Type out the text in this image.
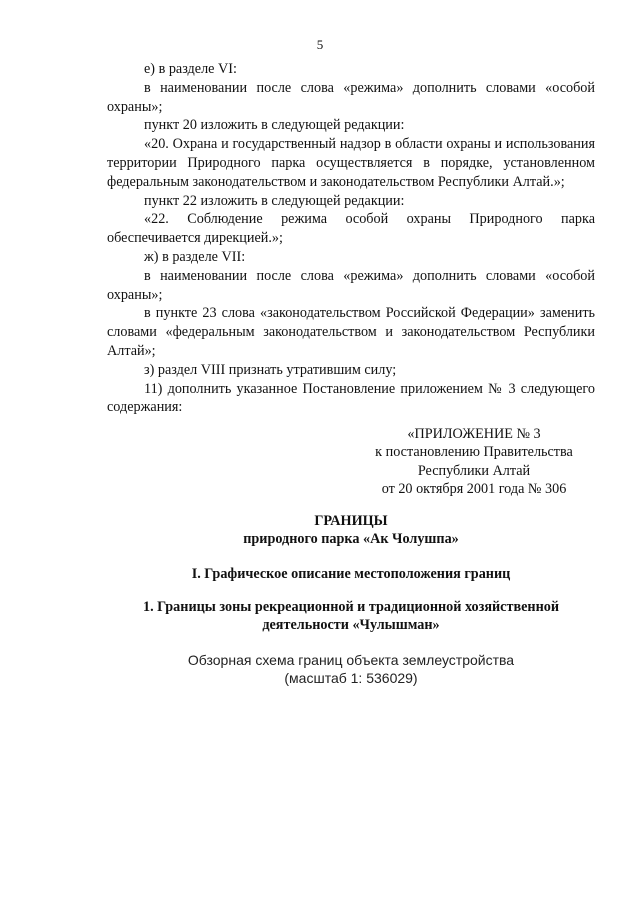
5

е) в разделе VI:

в наименовании после слова «режима» дополнить словами «особой охраны»;

пункт 20 изложить в следующей редакции:

«20. Охрана и государственный надзор в области охраны и использования территории Природного парка осуществляется в порядке, установленном федеральным законодательством и законодательством Республики Алтай.»;

пункт 22 изложить в следующей редакции:

«22. Соблюдение режима особой охраны Природного парка обеспечивается дирекцией.»;

ж) в разделе VII:

в наименовании после слова «режима» дополнить словами «особой охраны»;

в пункте 23 слова «законодательством Российской Федерации» заменить словами «федеральным законодательством и законодательством Республики Алтай»;

з) раздел VIII признать утратившим силу;

11) дополнить указанное Постановление приложением № 3 следующего содержания:

«ПРИЛОЖЕНИЕ № 3
к постановлению Правительства
Республики Алтай
от 20 октября 2001 года № 306
ГРАНИЦЫ
природного парка «Ак Чолушпа»
I. Графическое описание местоположения границ
1. Границы зоны рекреационной и традиционной хозяйственной
деятельности «Чулышман»
Обзорная схема границ объекта землеустройства
(масштаб 1: 536029)
